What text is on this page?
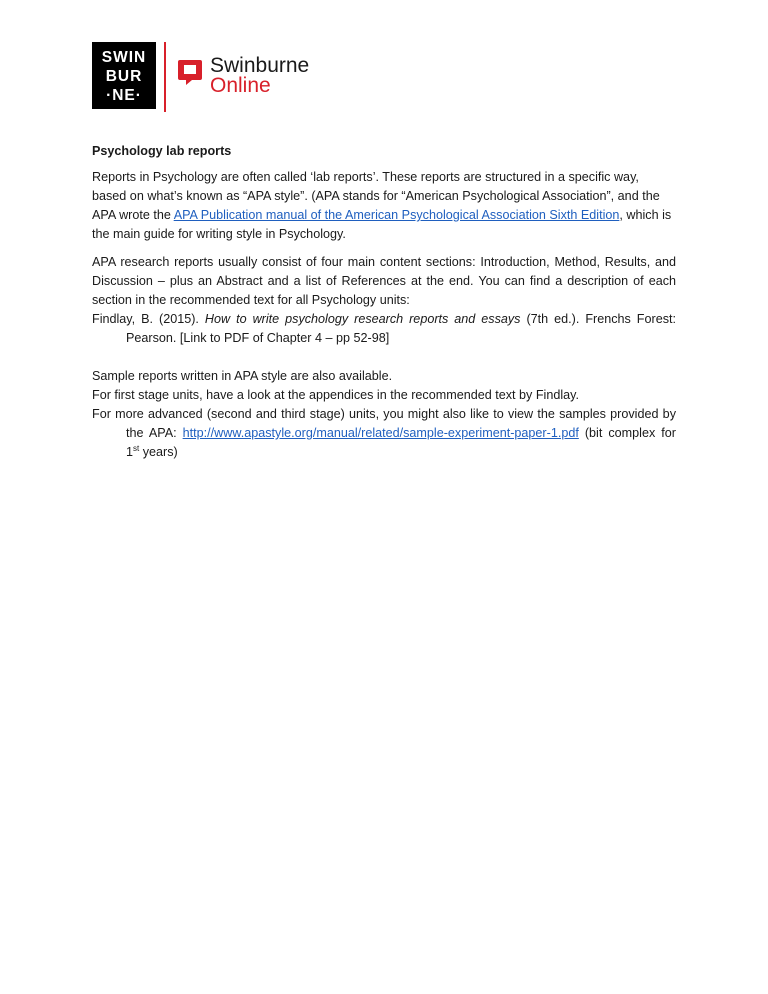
SWIN
BUR
·NE·
Swinburne
Online

Psychology lab reports

Reports in Psychology are often called ‘lab reports’. These reports are structured in a specific way, based on what’s known as “APA style”. (APA stands for “American Psychological Association”, and the APA wrote the APA Publication manual of the American Psychological Association Sixth Edition, which is the main guide for writing style in Psychology.

APA research reports usually consist of four main content sections: Introduction, Method, Results, and Discussion – plus an Abstract and a list of References at the end. You can find a description of each section in the recommended text for all Psychology units:

Findlay, B. (2015). How to write psychology research reports and essays (7th ed.). Frenchs Forest: Pearson. [Link to PDF of Chapter 4 – pp 52-98]

Sample reports written in APA style are also available.

For first stage units, have a look at the appendices in the recommended text by Findlay.

For more advanced (second and third stage) units, you might also like to view the samples provided by the APA: http://www.apastyle.org/manual/related/sample-experiment-paper-1.pdf (bit complex for 1st years)
